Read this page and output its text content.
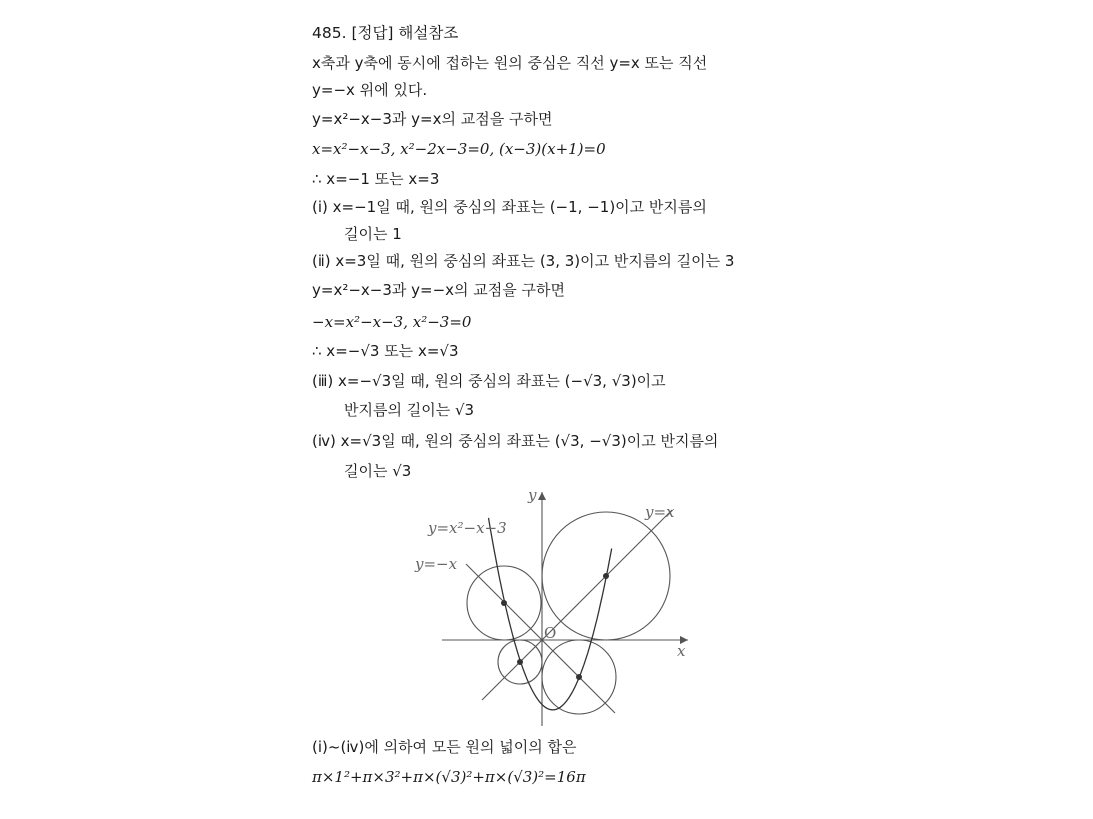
485. [정답] 해설참조
x축과 y축에 동시에 접하는 원의 중심은 직선 y=x 또는 직선
y=−x 위에 있다.
y=x²−x−3과 y=x의 교점을 구하면
x=x²−x−3, x²−2x−3=0, (x−3)(x+1)=0
∴ x=−1 또는 x=3
(ⅰ) x=−1일 때, 원의 중심의 좌표는 (−1, −1)이고 반지름의
길이는 1
(ⅱ) x=3일 때, 원의 중심의 좌표는 (3, 3)이고 반지름의 길이는 3
y=x²−x−3과 y=−x의 교점을 구하면
−x=x²−x−3, x²−3=0
∴ x=−√3 또는 x=√3
(ⅲ) x=−√3일 때, 원의 중심의 좌표는 (−√3, √3)이고
반지름의 길이는 √3
(ⅳ) x=√3일 때, 원의 중심의 좌표는 (√3, −√3)이고 반지름의
길이는 √3
(ⅰ)~(ⅳ)에 의하여 모든 원의 넓이의 합은
π×1²+π×3²+π×(√3)²+π×(√3)²=16π
y=x²−x−3
y=x
y=−x
x
y
O
